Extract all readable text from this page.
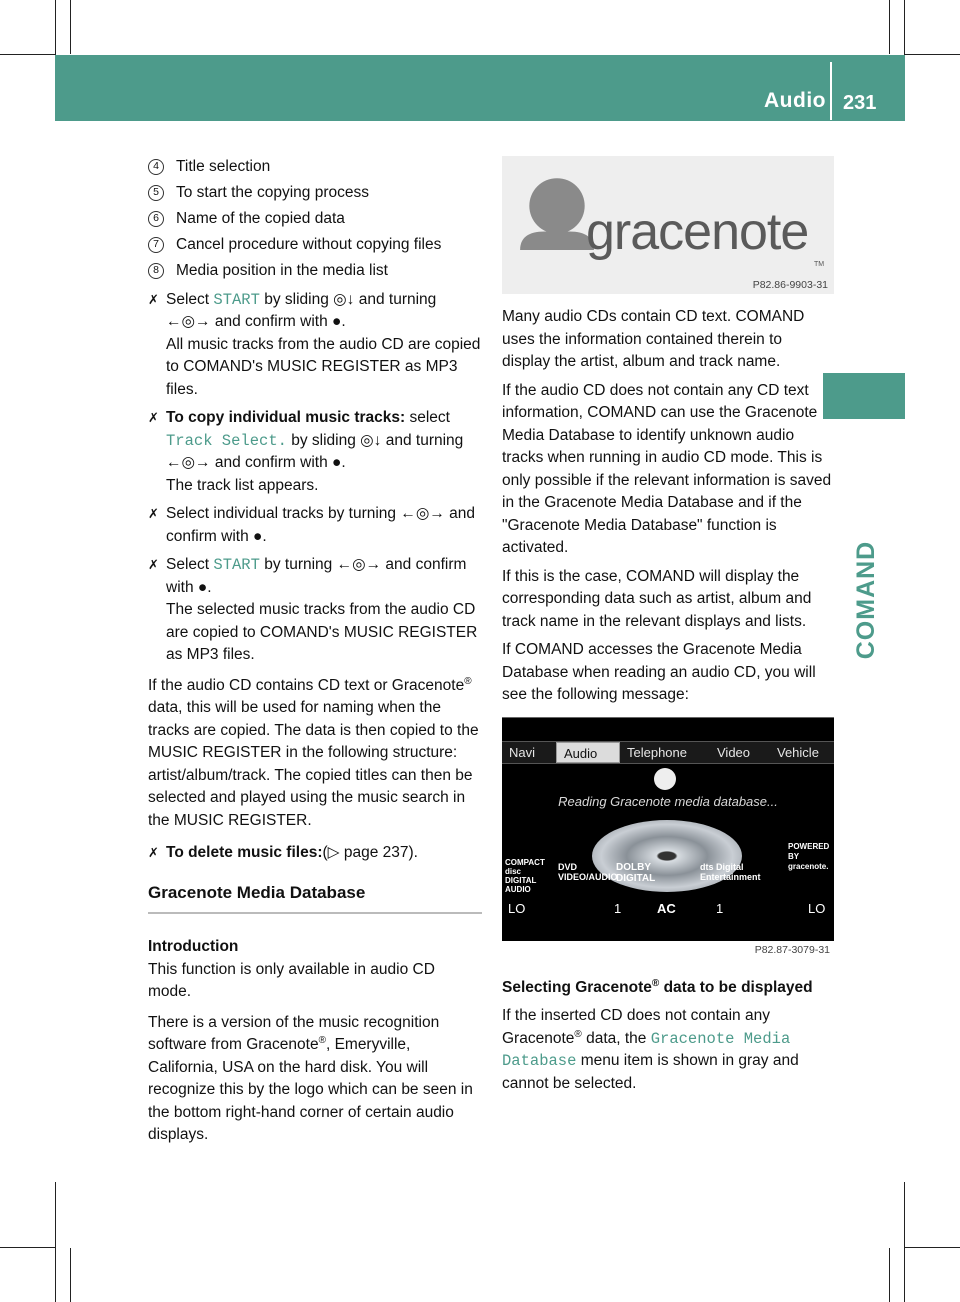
Audio 231
COMAND
4	Title selection
5	To start the copying process
6	Name of the copied data
7	Cancel procedure without copying files
8	Media position in the media list
✗ Select START by sliding ◎↓ and turning ←◎→ and confirm with ●.
All music tracks from the audio CD are copied to COMAND's MUSIC REGISTER as MP3 files.
✗ To copy individual music tracks: select Track Select. by sliding ◎↓ and turning ←◎→ and confirm with ●.
The track list appears.
✗ Select individual tracks by turning ←◎→ and confirm with ●.
✗ Select START by turning ←◎→ and confirm with ●.
The selected music tracks from the audio CD are copied to COMAND's MUSIC REGISTER as MP3 files.
If the audio CD contains CD text or Gracenote® data, this will be used for naming when the tracks are copied. The data is then copied to the MUSIC REGISTER in the following structure: artist/album/track. The copied titles can then be selected and played using the music search in the MUSIC REGISTER.
✗ To delete music files:(▷ page 237).
Gracenote Media Database
Introduction
This function is only available in audio CD mode.
There is a version of the music recognition software from Gracenote®, Emeryville, California, USA on the hard disk. You will recognize this by the logo which can be seen in the bottom right-hand corner of certain audio displays.
gracenote
TM
P82.86-9903-31
Many audio CDs contain CD text. COMAND uses the information contained therein to display the artist, album and track name.
If the audio CD does not contain any CD text information, COMAND can use the Gracenote Media Database to identify unknown audio tracks when running in audio CD mode. This is only possible if the relevant information is saved in the Gracenote Media Database and if the "Gracenote Media Database" function is activated.
If this is the case, COMAND will display the corresponding data such as artist, album and track name in the relevant displays and lists.
If COMAND accesses the Gracenote Media Database when reading an audio CD, you will see the following message:
Navi	Audio	Telephone	Video	Vehicle
Reading Gracenote media database...
COMPACT disc DIGITAL AUDIO
DVD VIDEO/AUDIO
DOLBY DIGITAL
dts Digital Entertainment
POWERED BY gracenote.
LO	1	AC	1	LO
P82.87-3079-31
Selecting Gracenote® data to be displayed
If the inserted CD does not contain any Gracenote® data, the Gracenote Media Database menu item is shown in gray and cannot be selected.
